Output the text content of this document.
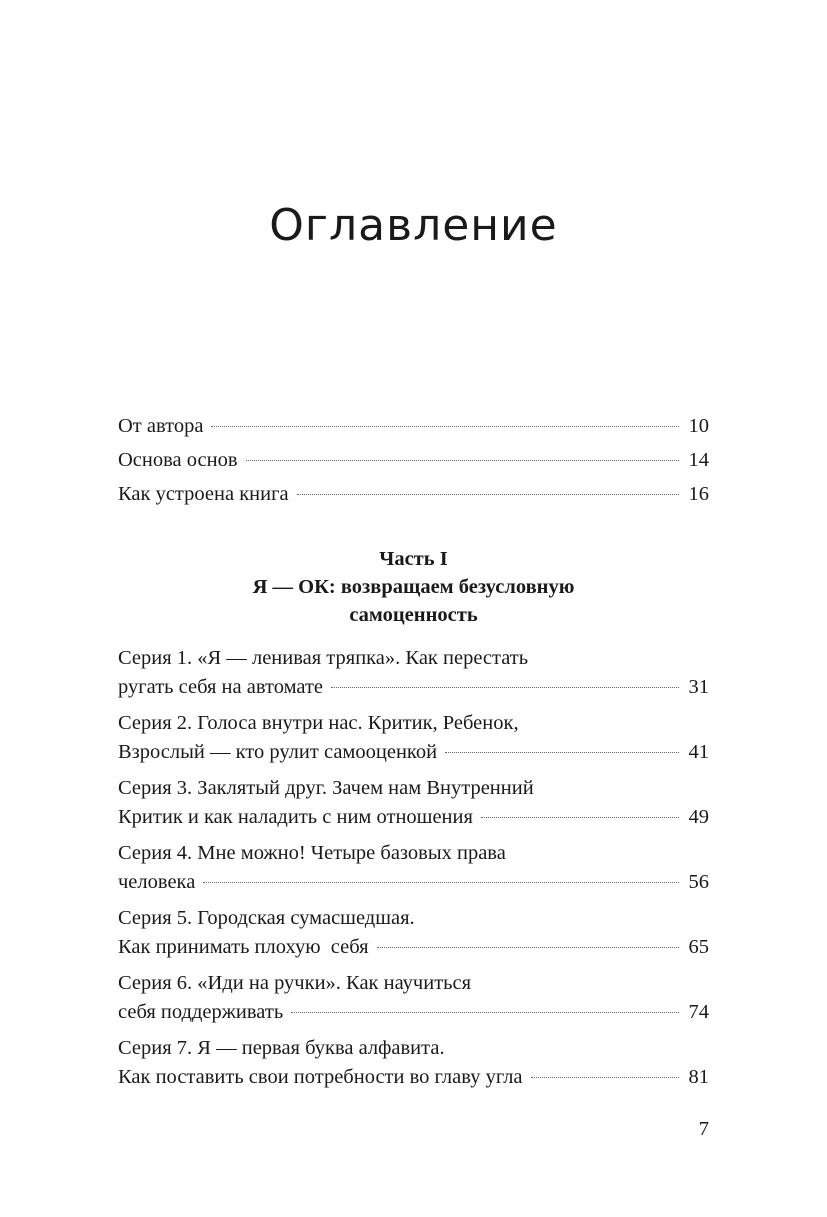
Оглавление
От автора	10
Основа основ	14
Как устроена книга	16
Часть I
Я — ОК: возвращаем безусловную
самоценность
Серия 1. «Я — ленивая тряпка». Как перестать
ругать себя на автомате	31
Серия 2. Голоса внутри нас. Критик, Ребенок,
Взрослый — кто рулит самооценкой	41
Серия 3. Заклятый друг. Зачем нам Внутренний
Критик и как наладить с ним отношения	49
Серия 4. Мне можно! Четыре базовых права
человека	56
Серия 5. Городская сумасшедшая.
Как принимать плохую  себя	65
Серия 6. «Иди на ручки». Как научиться
себя поддерживать	74
Серия 7. Я — первая буква алфавита.
Как поставить свои потребности во главу угла	81
7
